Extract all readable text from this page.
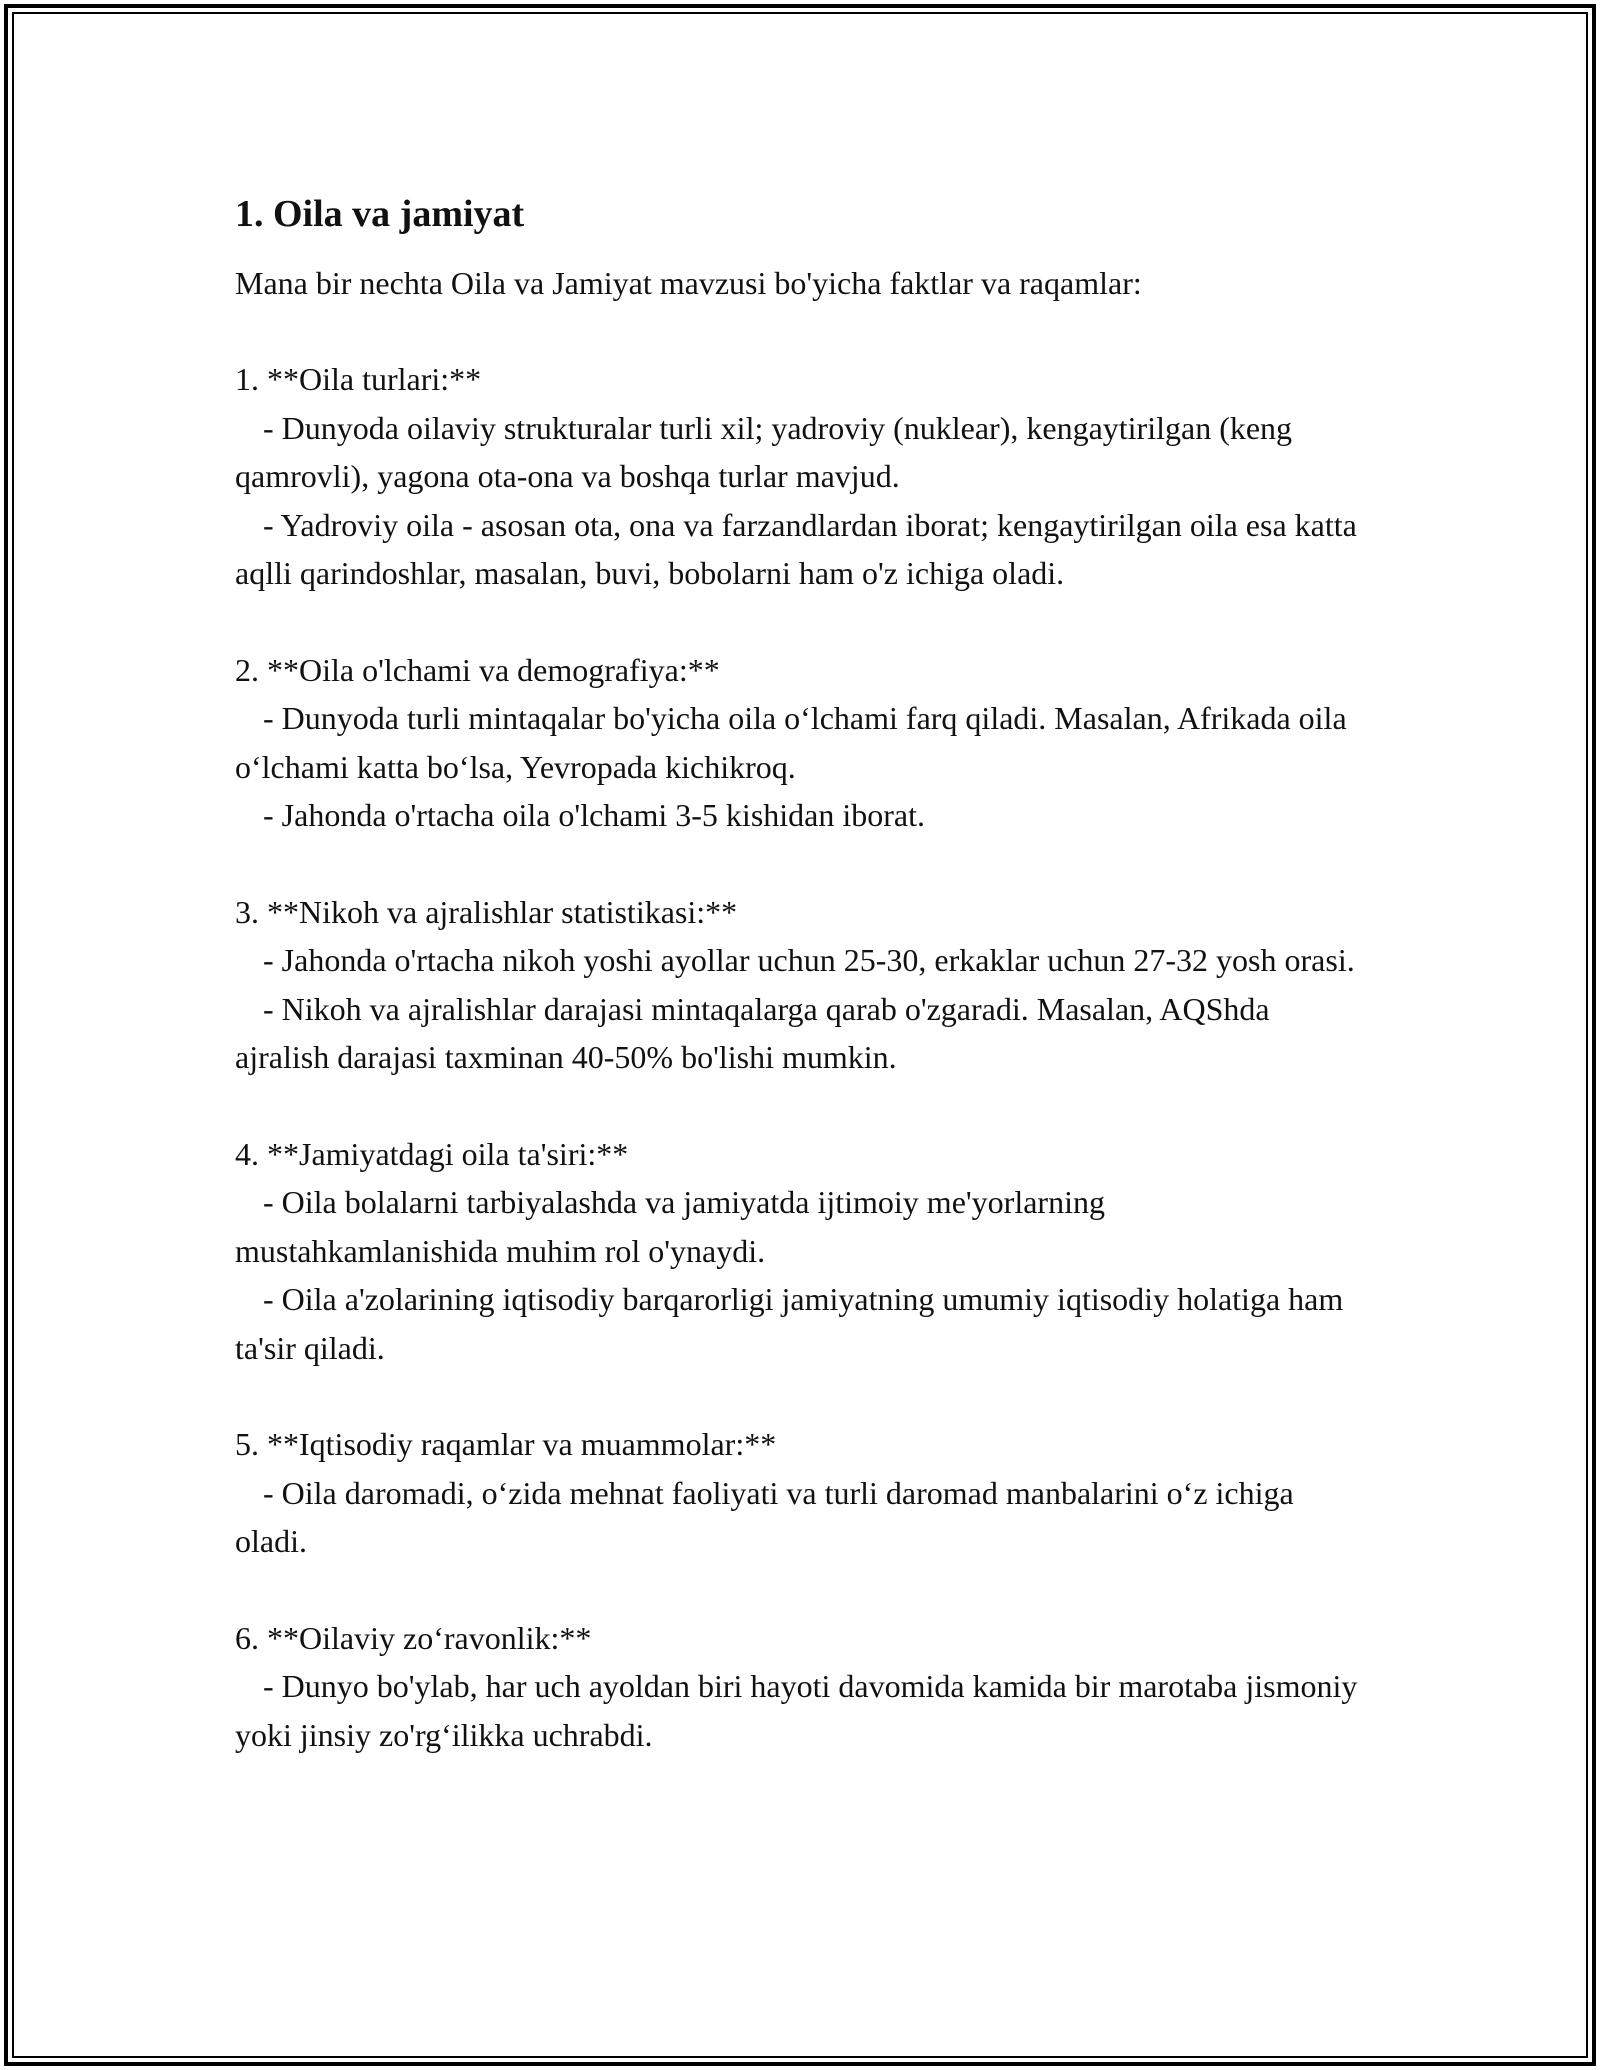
1. Oila va jamiyat

Mana bir nechta Oila va Jamiyat mavzusi bo'yicha faktlar va raqamlar:

1. **Oila turlari:**
- Dunyoda oilaviy strukturalar turli xil; yadroviy (nuklear), kengaytirilgan (keng qamrovli), yagona ota-ona va boshqa turlar mavjud.
- Yadroviy oila - asosan ota, ona va farzandlardan iborat; kengaytirilgan oila esa katta aqlli qarindoshlar, masalan, buvi, bobolarni ham o'z ichiga oladi.
2. **Oila o'lchami va demografiya:**
- Dunyoda turli mintaqalar bo'yicha oila oʻlchami farq qiladi. Masalan, Afrikada oila oʻlchami katta boʻlsa, Yevropada kichikroq.
- Jahonda o'rtacha oila o'lchami 3-5 kishidan iborat.
3. **Nikoh va ajralishlar statistikasi:**
- Jahonda o'rtacha nikoh yoshi ayollar uchun 25-30, erkaklar uchun 27-32 yosh orasi.
- Nikoh va ajralishlar darajasi mintaqalarga qarab o'zgaradi. Masalan, AQShda ajralish darajasi taxminan 40-50% bo'lishi mumkin.
4. **Jamiyatdagi oila ta'siri:**
- Oila bolalarni tarbiyalashda va jamiyatda ijtimoiy me'yorlarning mustahkamlanishida muhim rol o'ynaydi.
- Oila a'zolarining iqtisodiy barqarorligi jamiyatning umumiy iqtisodiy holatiga ham ta'sir qiladi.
5. **Iqtisodiy raqamlar va muammolar:**
- Oila daromadi, oʻzida mehnat faoliyati va turli daromad manbalarini oʻz ichiga oladi.
6. **Oilaviy zoʻravonlik:**
- Dunyo bo'ylab, har uch ayoldan biri hayoti davomida kamida bir marotaba jismoniy yoki jinsiy zo'rgʻilikka uchrabdi.
